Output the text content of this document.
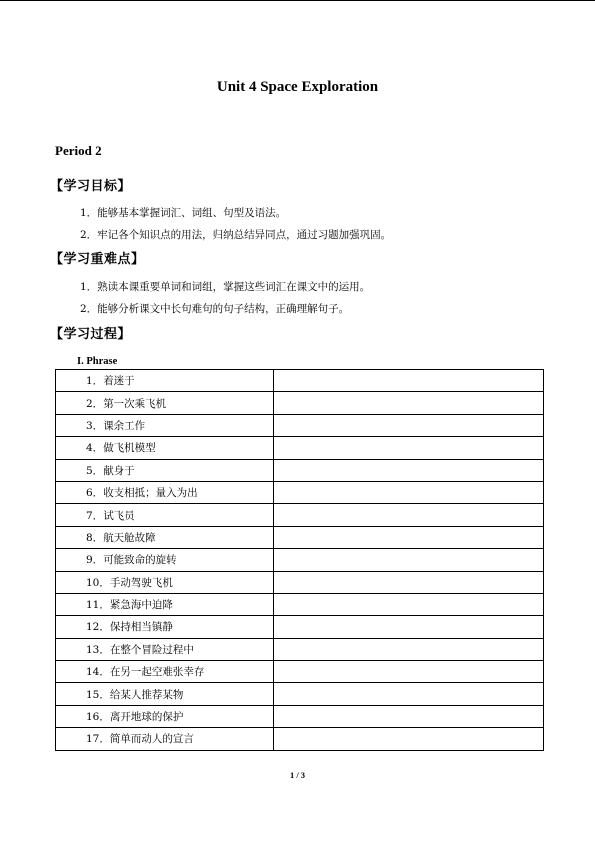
Unit 4 Space Exploration
Period 2
【学习目标】
1．能够基本掌握词汇、词组、句型及语法。
2．牢记各个知识点的用法，归纳总结异同点，通过习题加强巩固。
【学习重难点】
1．熟读本课重要单词和词组，掌握这些词汇在课文中的运用。
2．能够分析课文中长句难句的句子结构，正确理解句子。
【学习过程】
I. Phrase
1．着迷于	
2．第一次乘飞机	
3．课余工作	
4．做飞机模型	
5．献身于	
6．收支相抵；量入为出	
7．试飞员	
8．航天舱故障	
9．可能致命的旋转	
10．手动驾驶飞机	
11．紧急海中迫降	
12．保持相当镇静	
13．在整个冒险过程中	
14．在另一起空难张幸存	
15．给某人推荐某物	
16．离开地球的保护	
17．简单而动人的宣言	
1 / 3
